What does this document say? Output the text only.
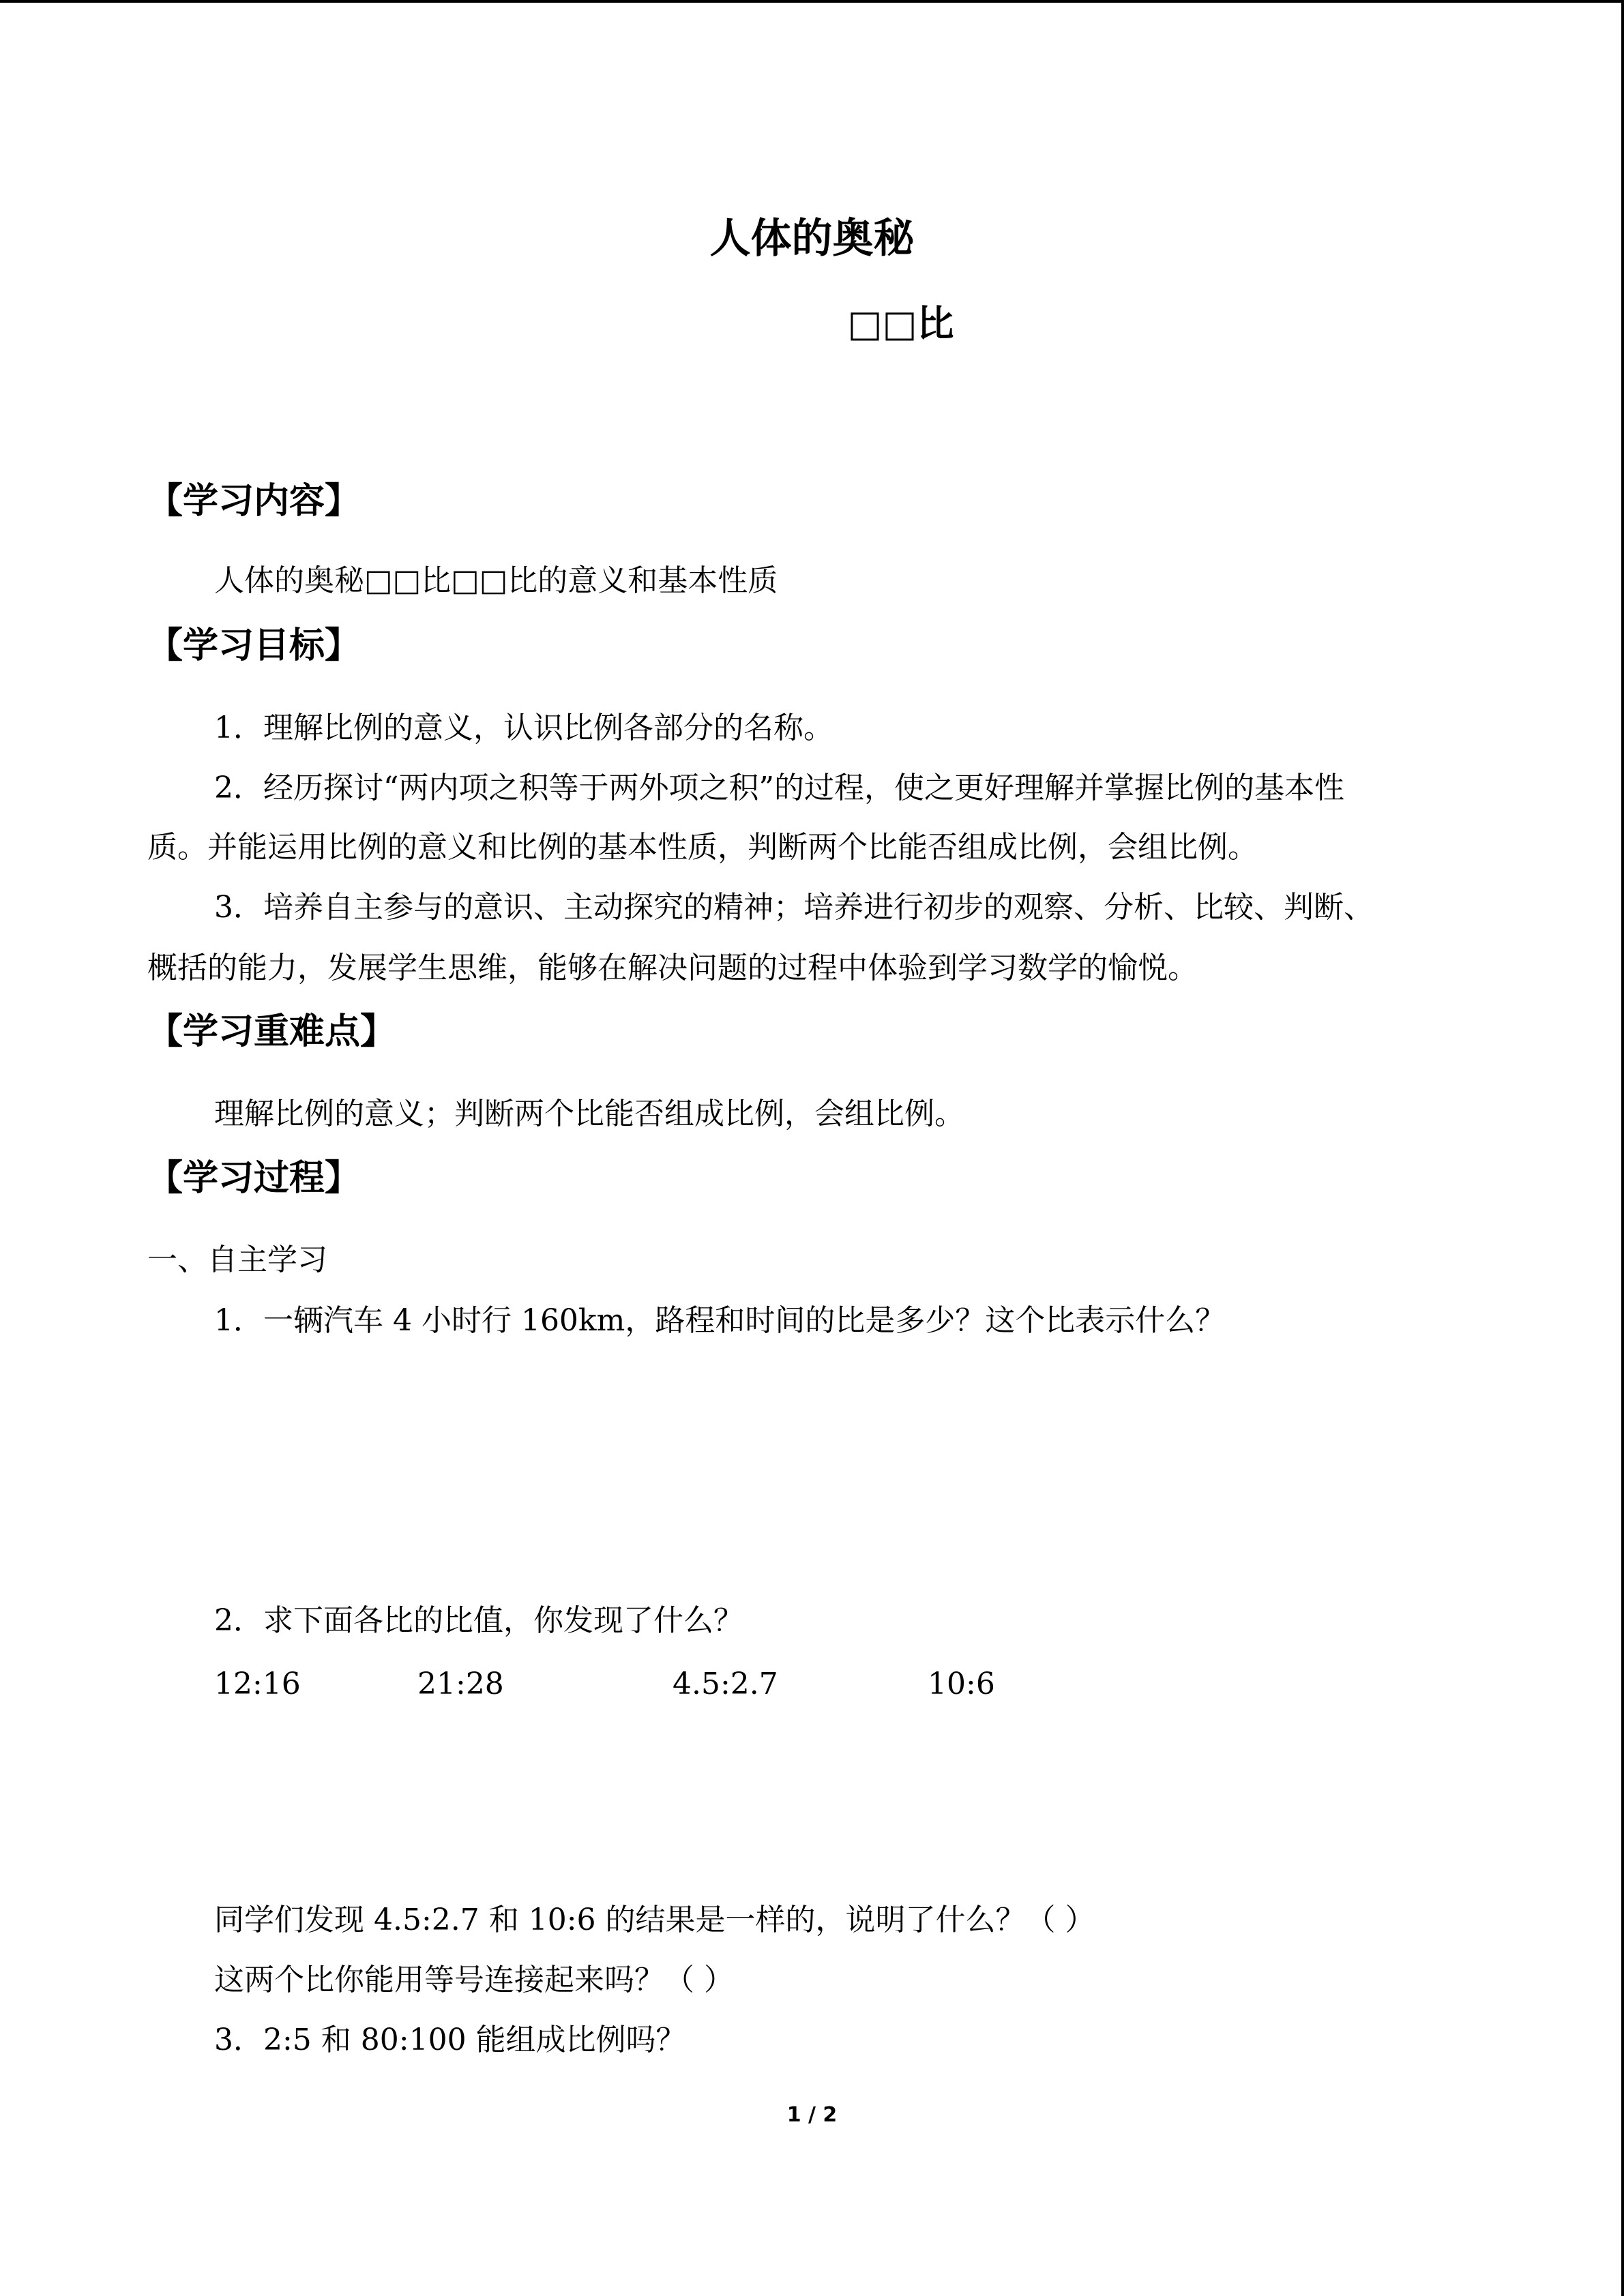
人体的奥秘
□□比
【学习内容】
人体的奥秘□□比□□比的意义和基本性质
【学习目标】
1．理解比例的意义，认识比例各部分的名称。
2．经历探讨“两内项之积等于两外项之积”的过程，使之更好理解并掌握比例的基本性
质。并能运用比例的意义和比例的基本性质，判断两个比能否组成比例，会组比例。
3．培养自主参与的意识、主动探究的精神；培养进行初步的观察、分析、比较、判断、
概括的能力，发展学生思维，能够在解决问题的过程中体验到学习数学的愉悦。
【学习重难点】
理解比例的意义；判断两个比能否组成比例，会组比例。
【学习过程】
一、自主学习
1．一辆汽车 4 小时行 160km，路程和时间的比是多少？这个比表示什么？
2．求下面各比的比值，你发现了什么？
12:16	21:28	4.5:2.7	10:6
同学们发现 4.5:2.7 和 10:6 的结果是一样的，说明了什么？（ ）
这两个比你能用等号连接起来吗？（ ）
3．2:5 和 80:100 能组成比例吗？
1 / 2
